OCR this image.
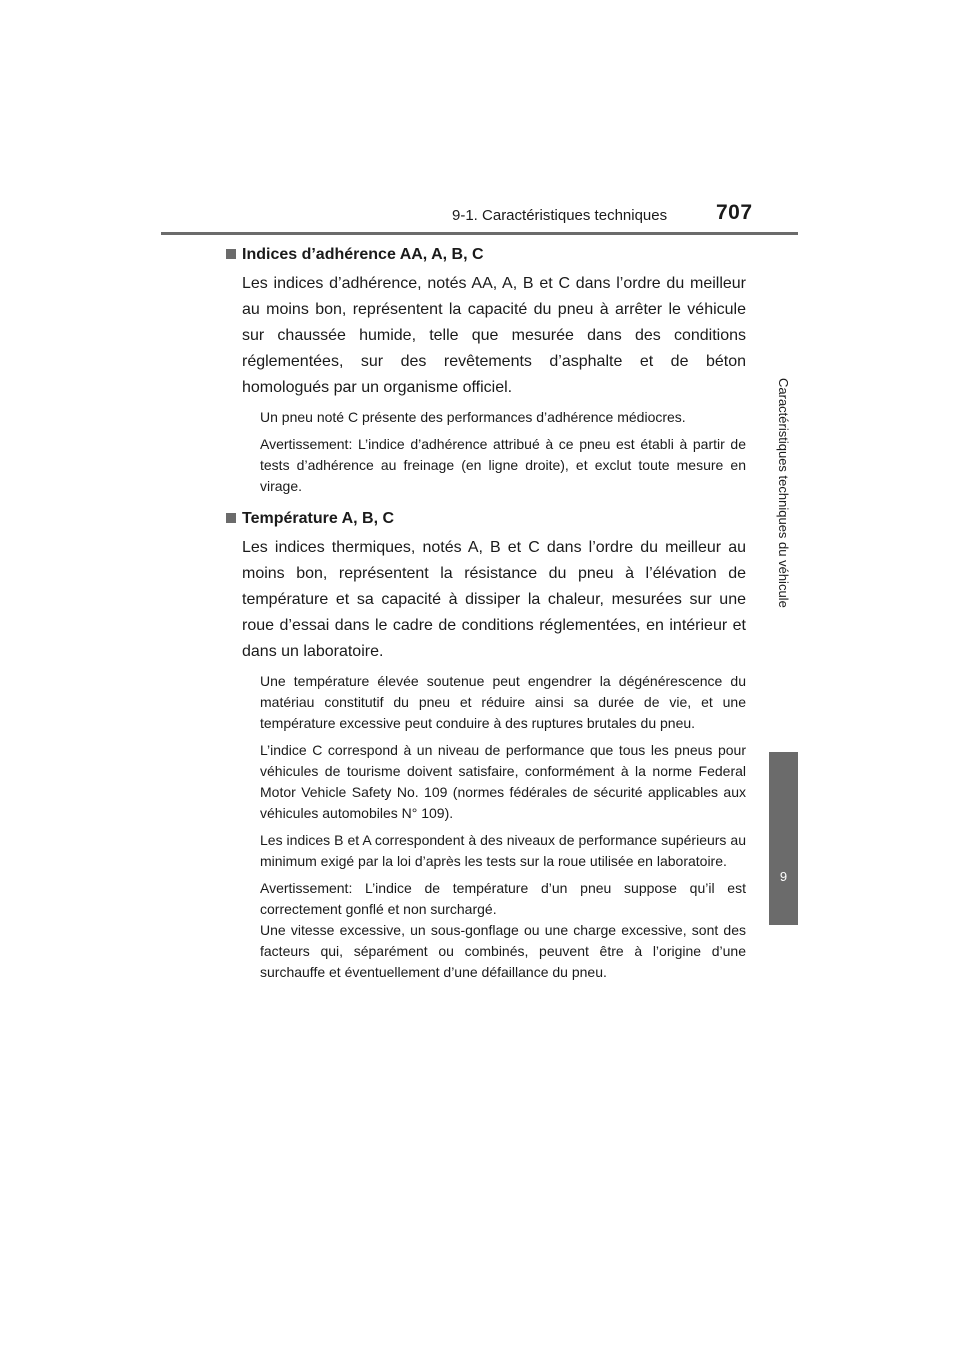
9-1. Caractéristiques techniques 707
Caractéristiques techniques du véhicule
9
Indices d’adhérence AA, A, B, C

Les indices d’adhérence, notés AA, A, B et C dans l’ordre du meilleur au moins bon, représentent la capacité du pneu à arrêter le véhicule sur chaussée humide, telle que mesurée dans des conditions réglementées, sur des revêtements d’asphalte et de béton homologués par un organisme officiel.

Un pneu noté C présente des performances d’adhérence médiocres.

Avertissement: L’indice d’adhérence attribué à ce pneu est établi à partir de tests d’adhérence au freinage (en ligne droite), et exclut toute mesure en virage.

Température A, B, C

Les indices thermiques, notés A, B et C dans l’ordre du meilleur au moins bon, représentent la résistance du pneu à l’élévation de température et sa capacité à dissiper la chaleur, mesurées sur une roue d’essai dans le cadre de conditions réglementées, en intérieur et dans un laboratoire.

Une température élevée soutenue peut engendrer la dégénérescence du matériau constitutif du pneu et réduire ainsi sa durée de vie, et une température excessive peut conduire à des ruptures brutales du pneu.

L’indice C correspond à un niveau de performance que tous les pneus pour véhicules de tourisme doivent satisfaire, conformément à la norme Federal Motor Vehicle Safety No. 109 (normes fédérales de sécurité applicables aux véhicules automobiles N° 109).

Les indices B et A correspondent à des niveaux de performance supérieurs au minimum exigé par la loi d’après les tests sur la roue utilisée en laboratoire.

Avertissement: L’indice de température d’un pneu suppose qu’il est correctement gonflé et non surchargé.

Une vitesse excessive, un sous-gonflage ou une charge excessive, sont des facteurs qui, séparément ou combinés, peuvent être à l’origine d’une surchauffe et éventuellement d’une défaillance du pneu.
